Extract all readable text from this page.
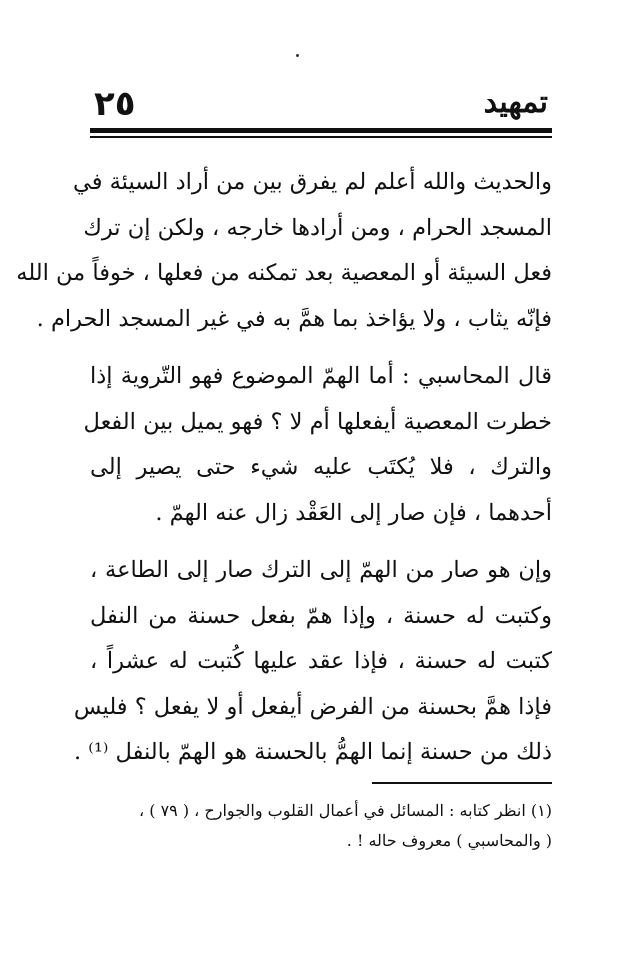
٢٥	تمهيد

والحديث والله أعلم لم يفرق بين من أراد السيئة في
المسجد الحرام ، ومن أرادها خارجه ، ولكن إن ترك
فعل السيئة أو المعصية بعد تمكنه من فعلها ، خوفاً من الله
فإنّه يثاب ، ولا يؤاخذ بما همَّ به في غير المسجد الحرام .

قال المحاسبي : أما الهمّ الموضوع فهو التّروية إذا
خطرت المعصية أيفعلها أم لا ؟ فهو يميل بين الفعل
والترك ، فلا يُكتَب عليه شيء حتى يصير إلى
أحدهما ، فإن صار إلى العَقْد زال عنه الهمّ .

وإن هو صار من الهمّ إلى الترك صار إلى الطاعة ،
وكتبت له حسنة ، وإذا همّ بفعل حسنة من النفل
كتبت له حسنة ، فإذا عقد عليها كُتبت له عشراً ،
فإذا همَّ بحسنة من الفرض أيفعل أو لا يفعل ؟ فليس
ذلك من حسنة إنما الهمُّ بالحسنة هو الهمّ بالنفل ⁽¹⁾ .

(١) انظر كتابه : المسائل في أعمال القلوب والجوارح ، ( ٧٩ ) ،
( والمحاسبي ) معروف حاله ! .
